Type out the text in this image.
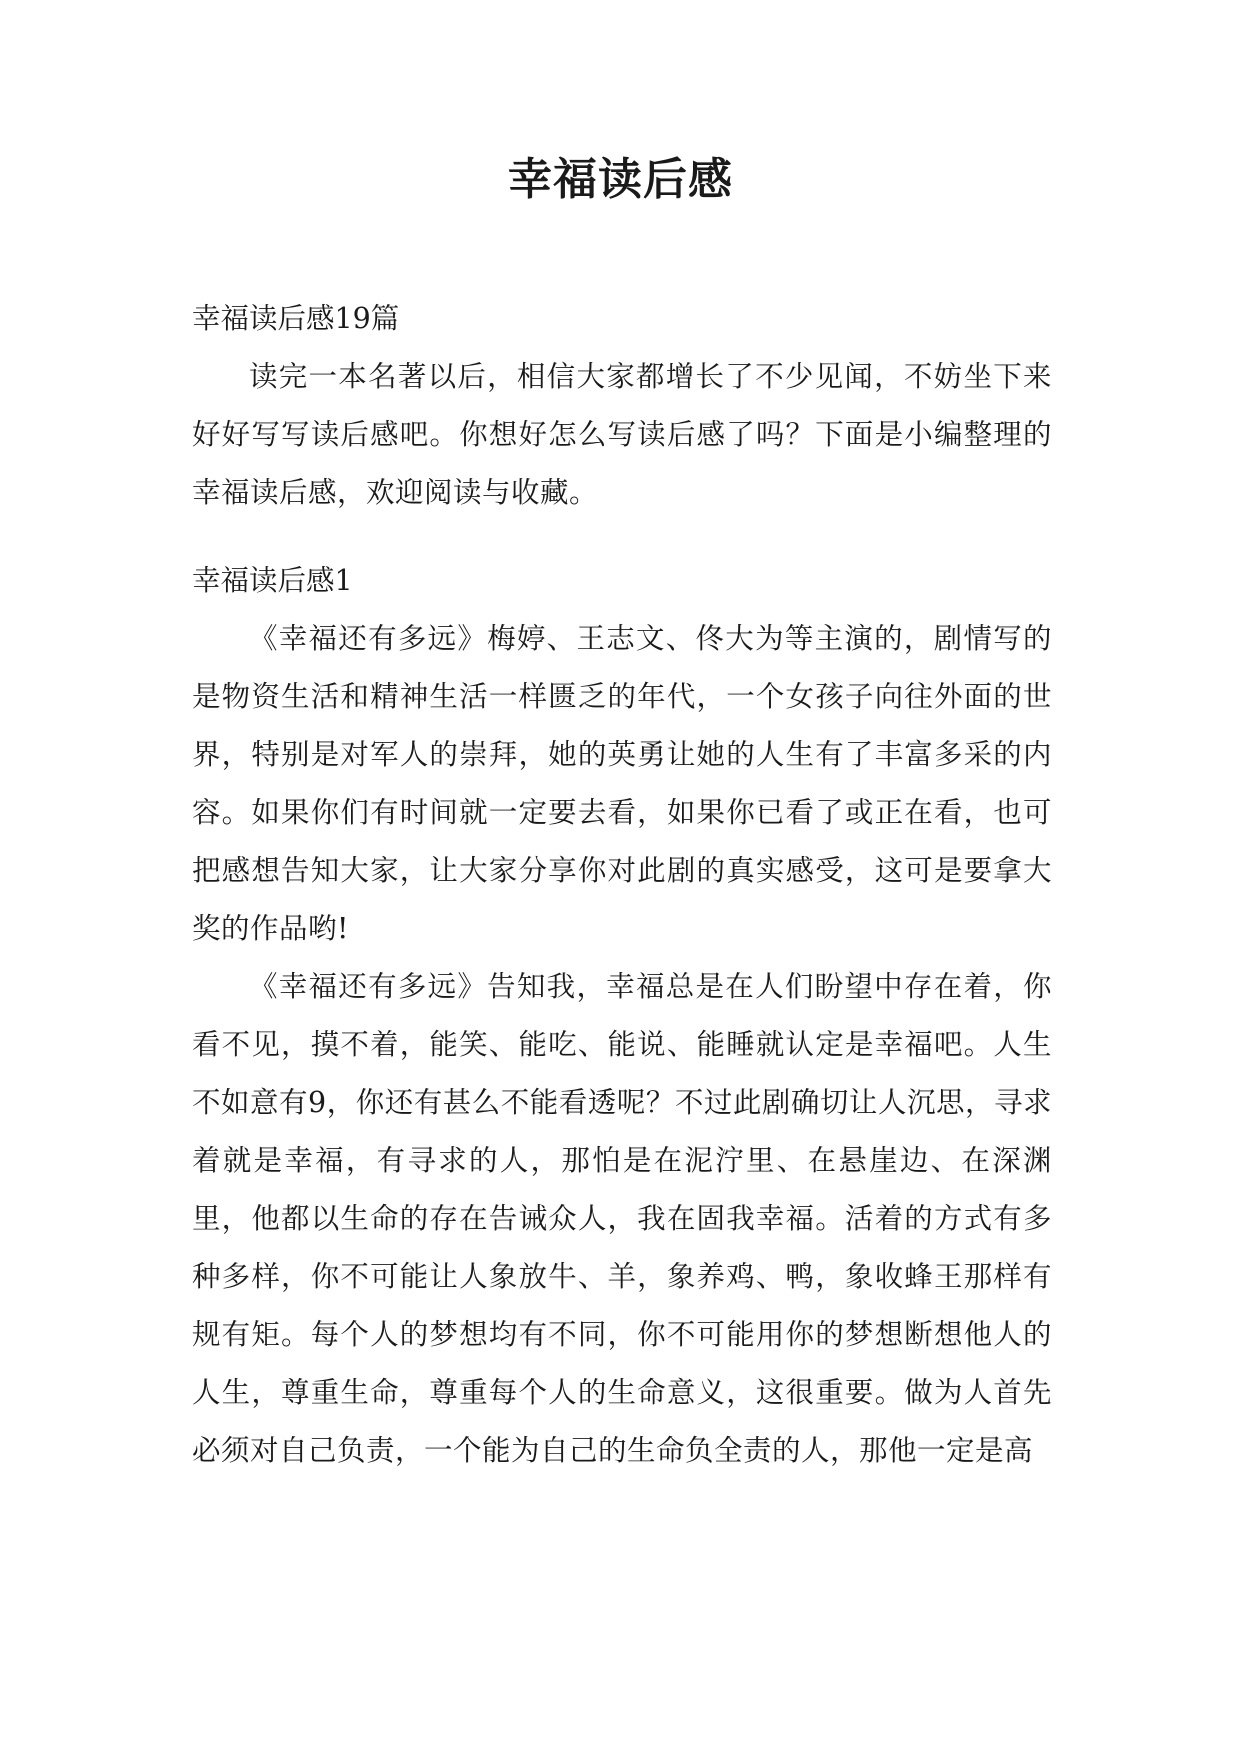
幸福读后感

幸福读后感19篇

读完一本名著以后，相信大家都增长了不少见闻，不妨坐下来好好写写读后感吧。你想好怎么写读后感了吗？下面是小编整理的幸福读后感，欢迎阅读与收藏。

幸福读后感1

《幸福还有多远》梅婷、王志文、佟大为等主演的，剧情写的是物资生活和精神生活一样匮乏的年代，一个女孩子向往外面的世界，特别是对军人的崇拜，她的英勇让她的人生有了丰富多采的内容。如果你们有时间就一定要去看，如果你已看了或正在看，也可把感想告知大家，让大家分享你对此剧的真实感受，这可是要拿大奖的作品哟!

《幸福还有多远》告知我，幸福总是在人们盼望中存在着，你看不见，摸不着，能笑、能吃、能说、能睡就认定是幸福吧。人生不如意有9，你还有甚么不能看透呢？不过此剧确切让人沉思，寻求着就是幸福，有寻求的人，那怕是在泥泞里、在悬崖边、在深渊里，他都以生命的存在告诫众人，我在固我幸福。活着的方式有多种多样，你不可能让人象放牛、羊，象养鸡、鸭，象收蜂王那样有规有矩。每个人的梦想均有不同，你不可能用你的梦想断想他人的人生，尊重生命，尊重每个人的生命意义，这很重要。做为人首先必须对自己负责，一个能为自己的生命负全责的人，那他一定是高
